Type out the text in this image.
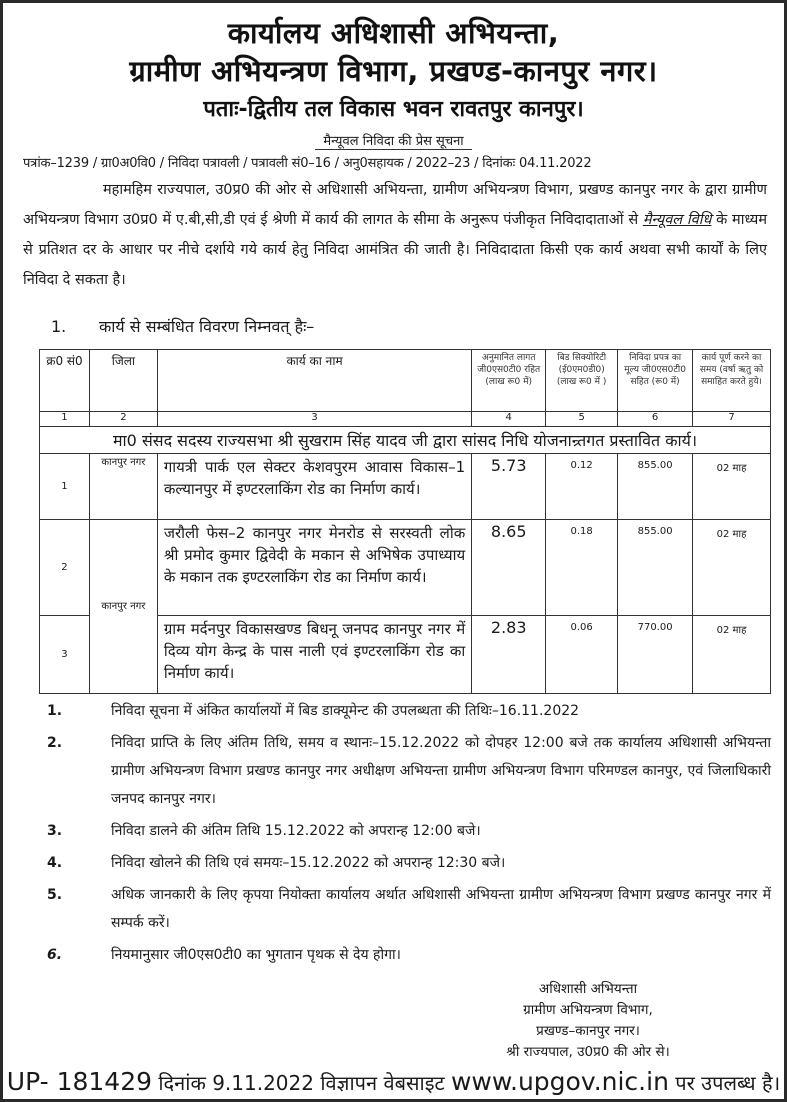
कार्यालय अधिशासी अभियन्ता,
ग्रामीण अभियन्त्रण विभाग, प्रखण्ड-कानपुर नगर।
पताः-द्वितीय तल विकास भवन रावतपुर कानपुर।
मैन्यूवल निविदा की प्रेस सूचना
पत्रांक–1239 / ग्रा0अ0वि0 / निविदा पत्रावली / पत्रावली सं0–16 / अनु0सहायक / 2022–23 / दिनांकः 04.11.2022
महामहिम राज्यपाल, उ0प्र0 की ओर से अधिशासी अभियन्ता, ग्रामीण अभियन्त्रण विभाग, प्रखण्ड कानपुर नगर के द्वारा ग्रामीण अभियन्त्रण विभाग उ0प्र0 में ए.बी,सी,डी एवं ई श्रेणी में कार्य की लागत के सीमा के अनुरूप पंजीकृत निविदादाताओं से मैन्यूवल विधि के माध्यम से प्रतिशत दर के आधार पर नीचे दर्शाये गये कार्य हेतु निविदा आमंत्रित की जाती है। निविदादाता किसी एक कार्य अथवा सभी कार्यों के लिए निविदा दे सकता है।
1. कार्य से सम्बंधित विवरण निम्नवत् हैः–
क्र0 सं0	जिला	कार्य का नाम	अनुमानित लागत जी0एस0टी0 रहित (लाख रू0 में)	बिड सिक्योरिटी (ई0एम0डी0) (लाख रू0 में )	निविदा प्रपत्र का मूल्य जी0एस0टी0 सहित (रू0 में)	कार्य पूर्ण करने का समय (वर्षा ऋतु को समाहित करते हुये।
1	2	3	4	5	6	7
मा0 संसद सदस्य राज्यसभा श्री सुखराम सिंह यादव जी द्वारा सांसद निधि योजनान्र्तगत प्रस्तावित कार्य।						
1	कानपुर नगर	गायत्री पार्क एल सेक्टर केशवपुरम आवास विकास–1 कल्यानपुर में इण्टरलाकिंग रोड का निर्माण कार्य।	5.73	0.12	855.00	02 माह
2	कानपुर नगर	जरौली फेस–2 कानपुर नगर मेनरोड से सरस्वती लोक श्री प्रमोद कुमार द्विवेदी के मकान से अभिषेक उपाध्याय के मकान तक इण्टरलाकिंग रोड का निर्माण कार्य।	8.65	0.18	855.00	02 माह
3		ग्राम मर्दनपुर विकासखण्ड बिधनू जनपद कानपुर नगर में दिव्य योग केन्द्र के पास नाली एवं इण्टरलाकिंग रोड का निर्माण कार्य।	2.83	0.06	770.00	02 माह
1.	निविदा सूचना में अंकित कार्यालयों में बिड डाक्यूमेन्ट की उपलब्धता की तिथिः–16.11.2022
2.	निविदा प्राप्ति के लिए अंतिम तिथि, समय व स्थानः–15.12.2022 को दोपहर 12:00 बजे तक कार्यालय अधिशासी अभियन्ता ग्रामीण अभियन्त्रण विभाग प्रखण्ड कानपुर नगर अधीक्षण अभियन्ता ग्रामीण अभियन्त्रण विभाग परिमण्डल कानपुर, एवं जिलाधिकारी जनपद कानपुर नगर।
3.	निविदा डालने की अंतिम तिथि 15.12.2022 को अपरान्ह 12:00 बजे।
4.	निविदा खोलने की तिथि एवं समयः–15.12.2022 को अपरान्ह 12:30 बजे।
5.	अधिक जानकारी के लिए कृपया नियोक्ता कार्यालय अर्थात अधिशासी अभियन्ता ग्रामीण अभियन्त्रण विभाग प्रखण्ड कानपुर नगर में सम्पर्क करें।
6.	नियमानुसार जी0एस0टी0 का भुगतान पृथक से देय होगा।
अधिशासी अभियन्ता
ग्रामीण अभियन्त्रण विभाग,
प्रखण्ड–कानपुर नगर।
श्री राज्यपाल, उ0प्र0 की ओर से।
UP- 181429 दिनांक 9.11.2022 विज्ञापन वेबसाइट www.upgov.nic.in पर उपलब्ध है।
